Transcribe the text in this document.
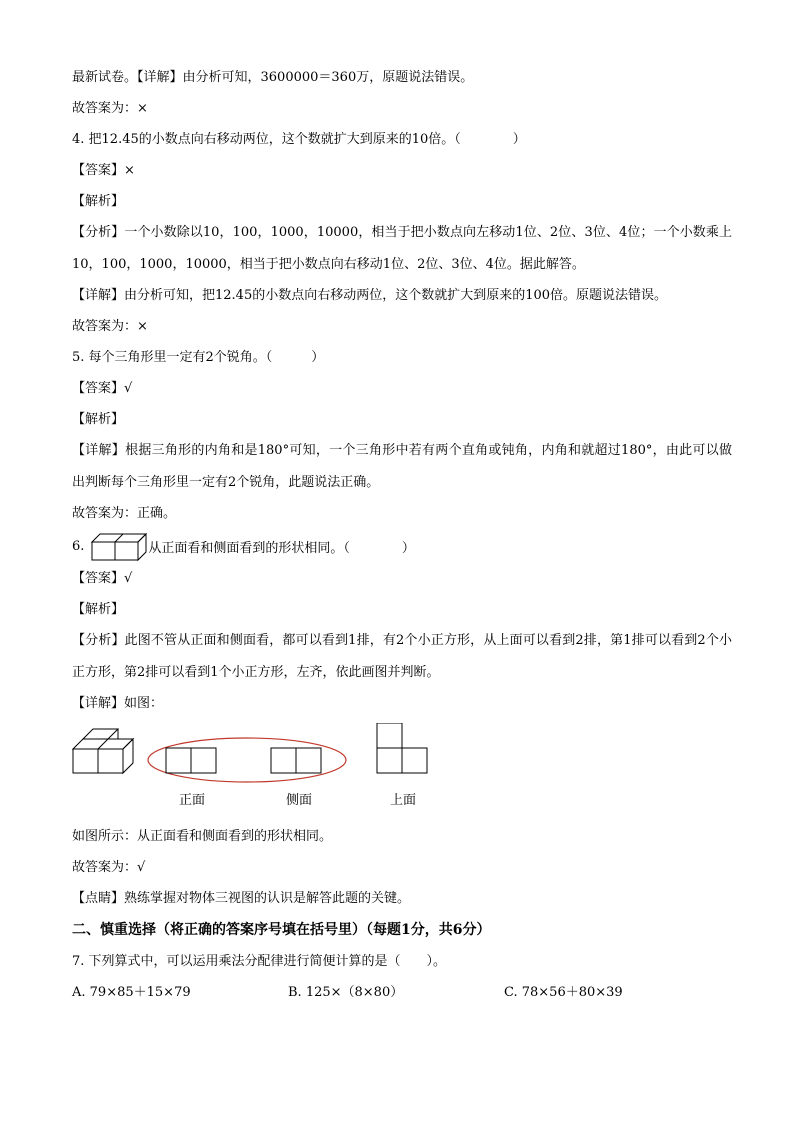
最新试卷。【详解】由分析可知，3600000＝360万，原题说法错误。
故答案为：×
4. 把12.45的小数点向右移动两位，这个数就扩大到原来的10倍。（　　　　）
【答案】×
【解析】
【分析】一个小数除以10，100，1000，10000，相当于把小数点向左移动1位、2位、3位、4位；一个小数乘上10，100，1000，10000，相当于把小数点向右移动1位、2位、3位、4位。据此解答。
【详解】由分析可知，把12.45的小数点向右移动两位，这个数就扩大到原来的100倍。原题说法错误。
故答案为：×
5. 每个三角形里一定有2个锐角。（　　　）
【答案】√
【解析】
【详解】根据三角形的内角和是180°可知，一个三角形中若有两个直角或钝角，内角和就超过180°，由此可以做出判断每个三角形里一定有2个锐角，此题说法正确。
故答案为：正确。
6.	从正面看和侧面看到的形状相同。（　　　　）
【答案】√
【解析】
【分析】此图不管从正面和侧面看，都可以看到1排，有2个小正方形，从上面可以看到2排，第1排可以看到2个小正方形，第2排可以看到1个小正方形，左齐，依此画图并判断。
【详解】如图：
正面	侧面	上面
如图所示：从正面看和侧面看到的形状相同。
故答案为：√
【点睛】熟练掌握对物体三视图的认识是解答此题的关键。
二、慎重选择（将正确的答案序号填在括号里）（每题1分，共6分）
7. 下列算式中，可以运用乘法分配律进行简便计算的是（　　）。
A. 79×85＋15×79	B. 125×（8×80）	C. 78×56＋80×39
